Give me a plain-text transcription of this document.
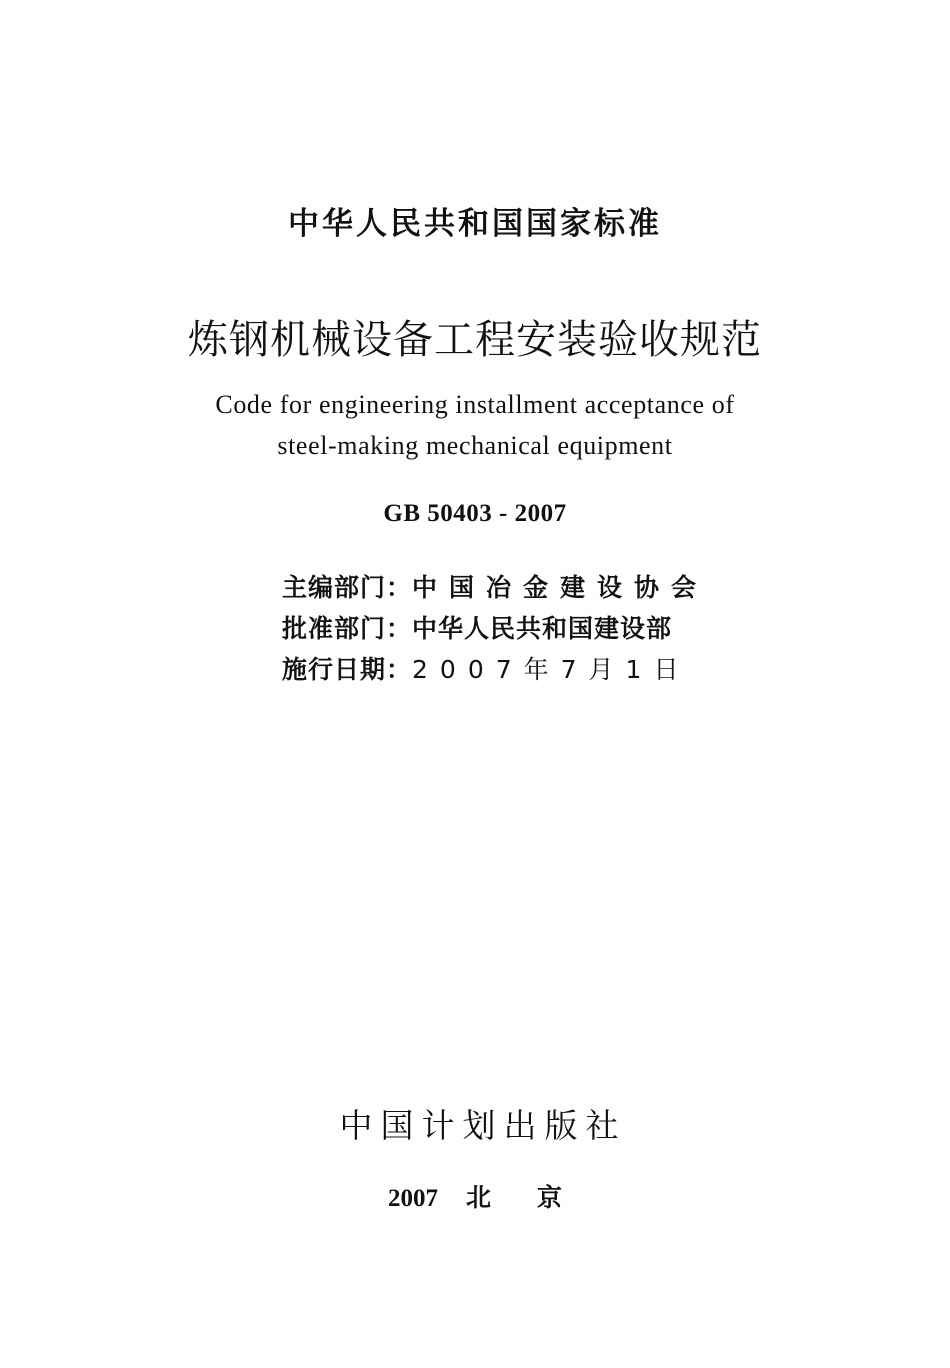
中华人民共和国国家标准
炼钢机械设备工程安装验收规范
Code for engineering installment acceptance of
steel-making mechanical equipment
GB 50403 - 2007
主编部门：中国冶金建设协会
批准部门：中华人民共和国建设部
施行日期：2007年7月1日
中国计划出版社
2007 北京
